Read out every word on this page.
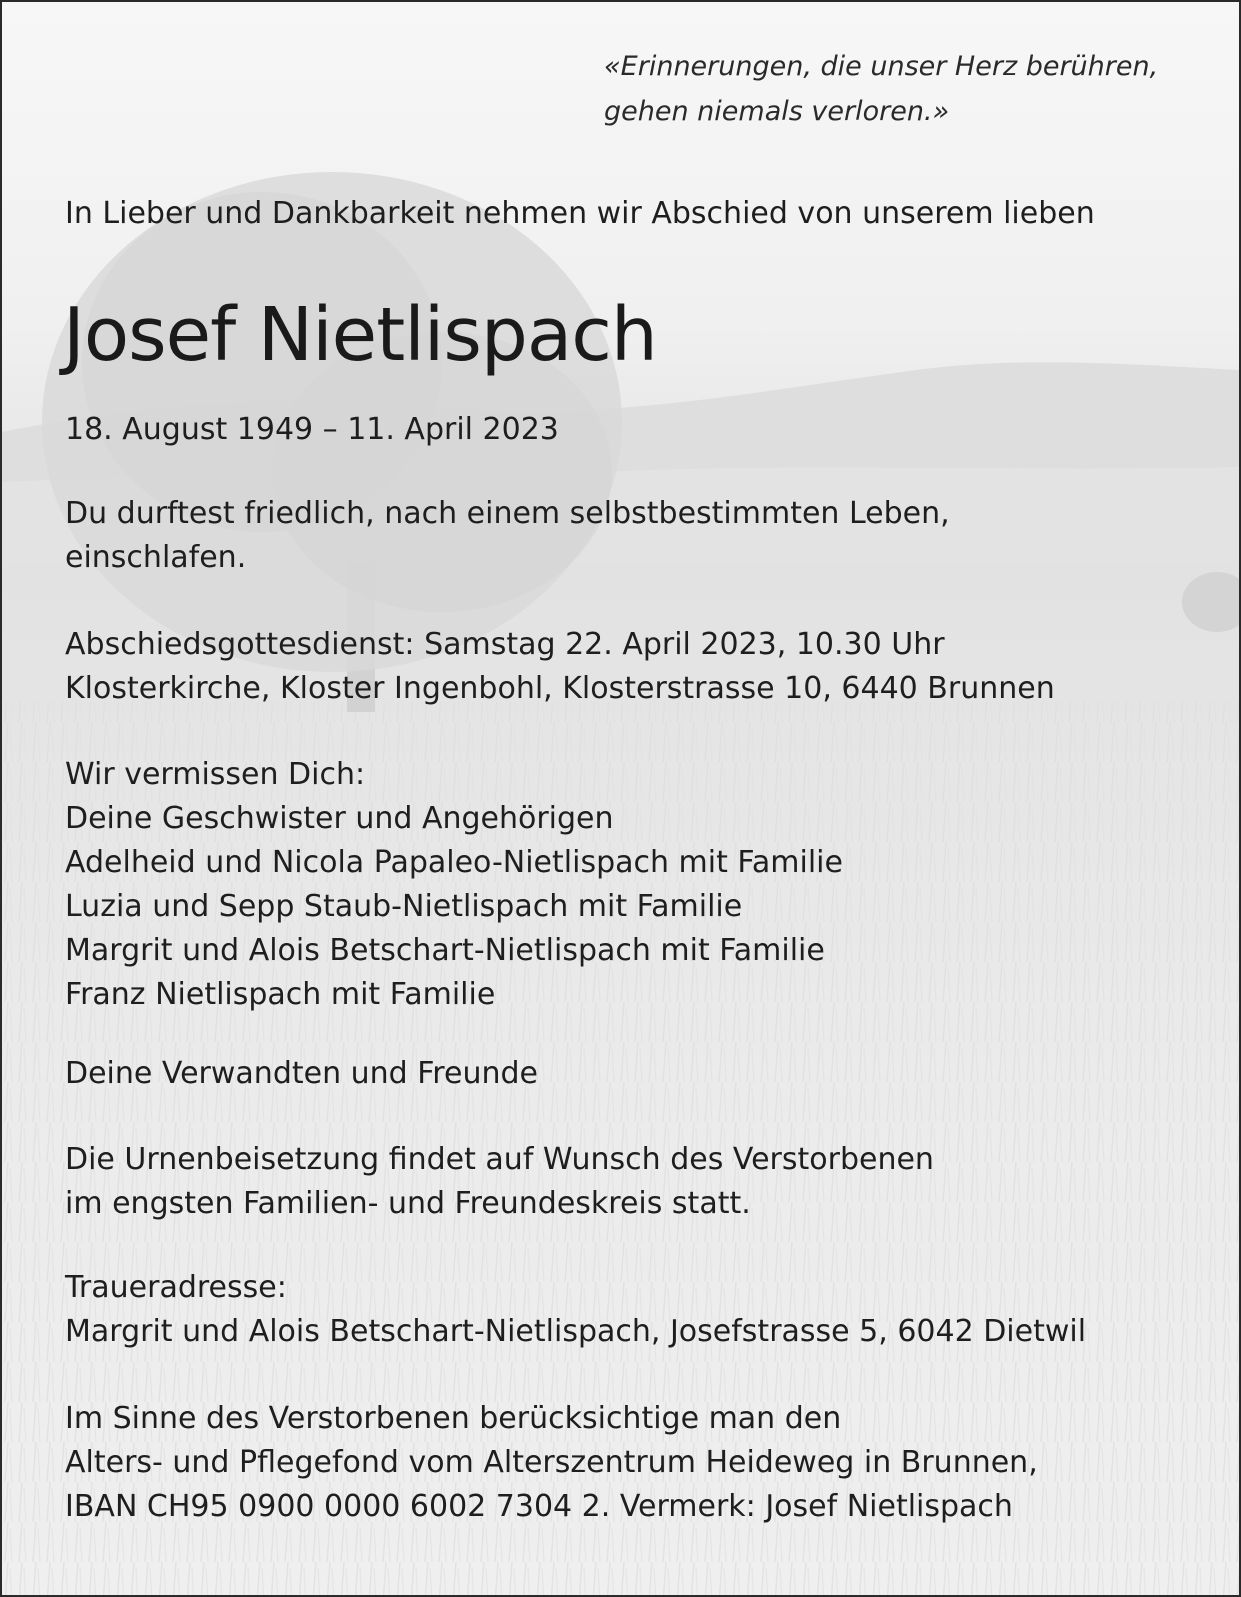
«Erinnerungen, die unser Herz berühren,
gehen niemals verloren.»

In Lieber und Dankbarkeit nehmen wir Abschied von unserem lieben

Josef Nietlispach

18. August 1949 – 11. April 2023

Du durftest friedlich, nach einem selbstbestimmten Leben,
einschlafen.
Abschiedsgottesdienst: Samstag 22. April 2023, 10.30 Uhr
Klosterkirche, Kloster Ingenbohl, Klosterstrasse 10, 6440 Brunnen
Wir vermissen Dich:
Deine Geschwister und Angehörigen
Adelheid und Nicola Papaleo-Nietlispach mit Familie
Luzia und Sepp Staub-Nietlispach mit Familie
Margrit und Alois Betschart-Nietlispach mit Familie
Franz Nietlispach mit Familie
Deine Verwandten und Freunde
Die Urnenbeisetzung findet auf Wunsch des Verstorbenen
im engsten Familien- und Freundeskreis statt.
Traueradresse:
Margrit und Alois Betschart-Nietlispach, Josefstrasse 5, 6042 Dietwil
Im Sinne des Verstorbenen berücksichtige man den
Alters- und Pflegefond vom Alterszentrum Heideweg in Brunnen,
IBAN CH95 0900 0000 6002 7304 2. Vermerk: Josef Nietlispach
